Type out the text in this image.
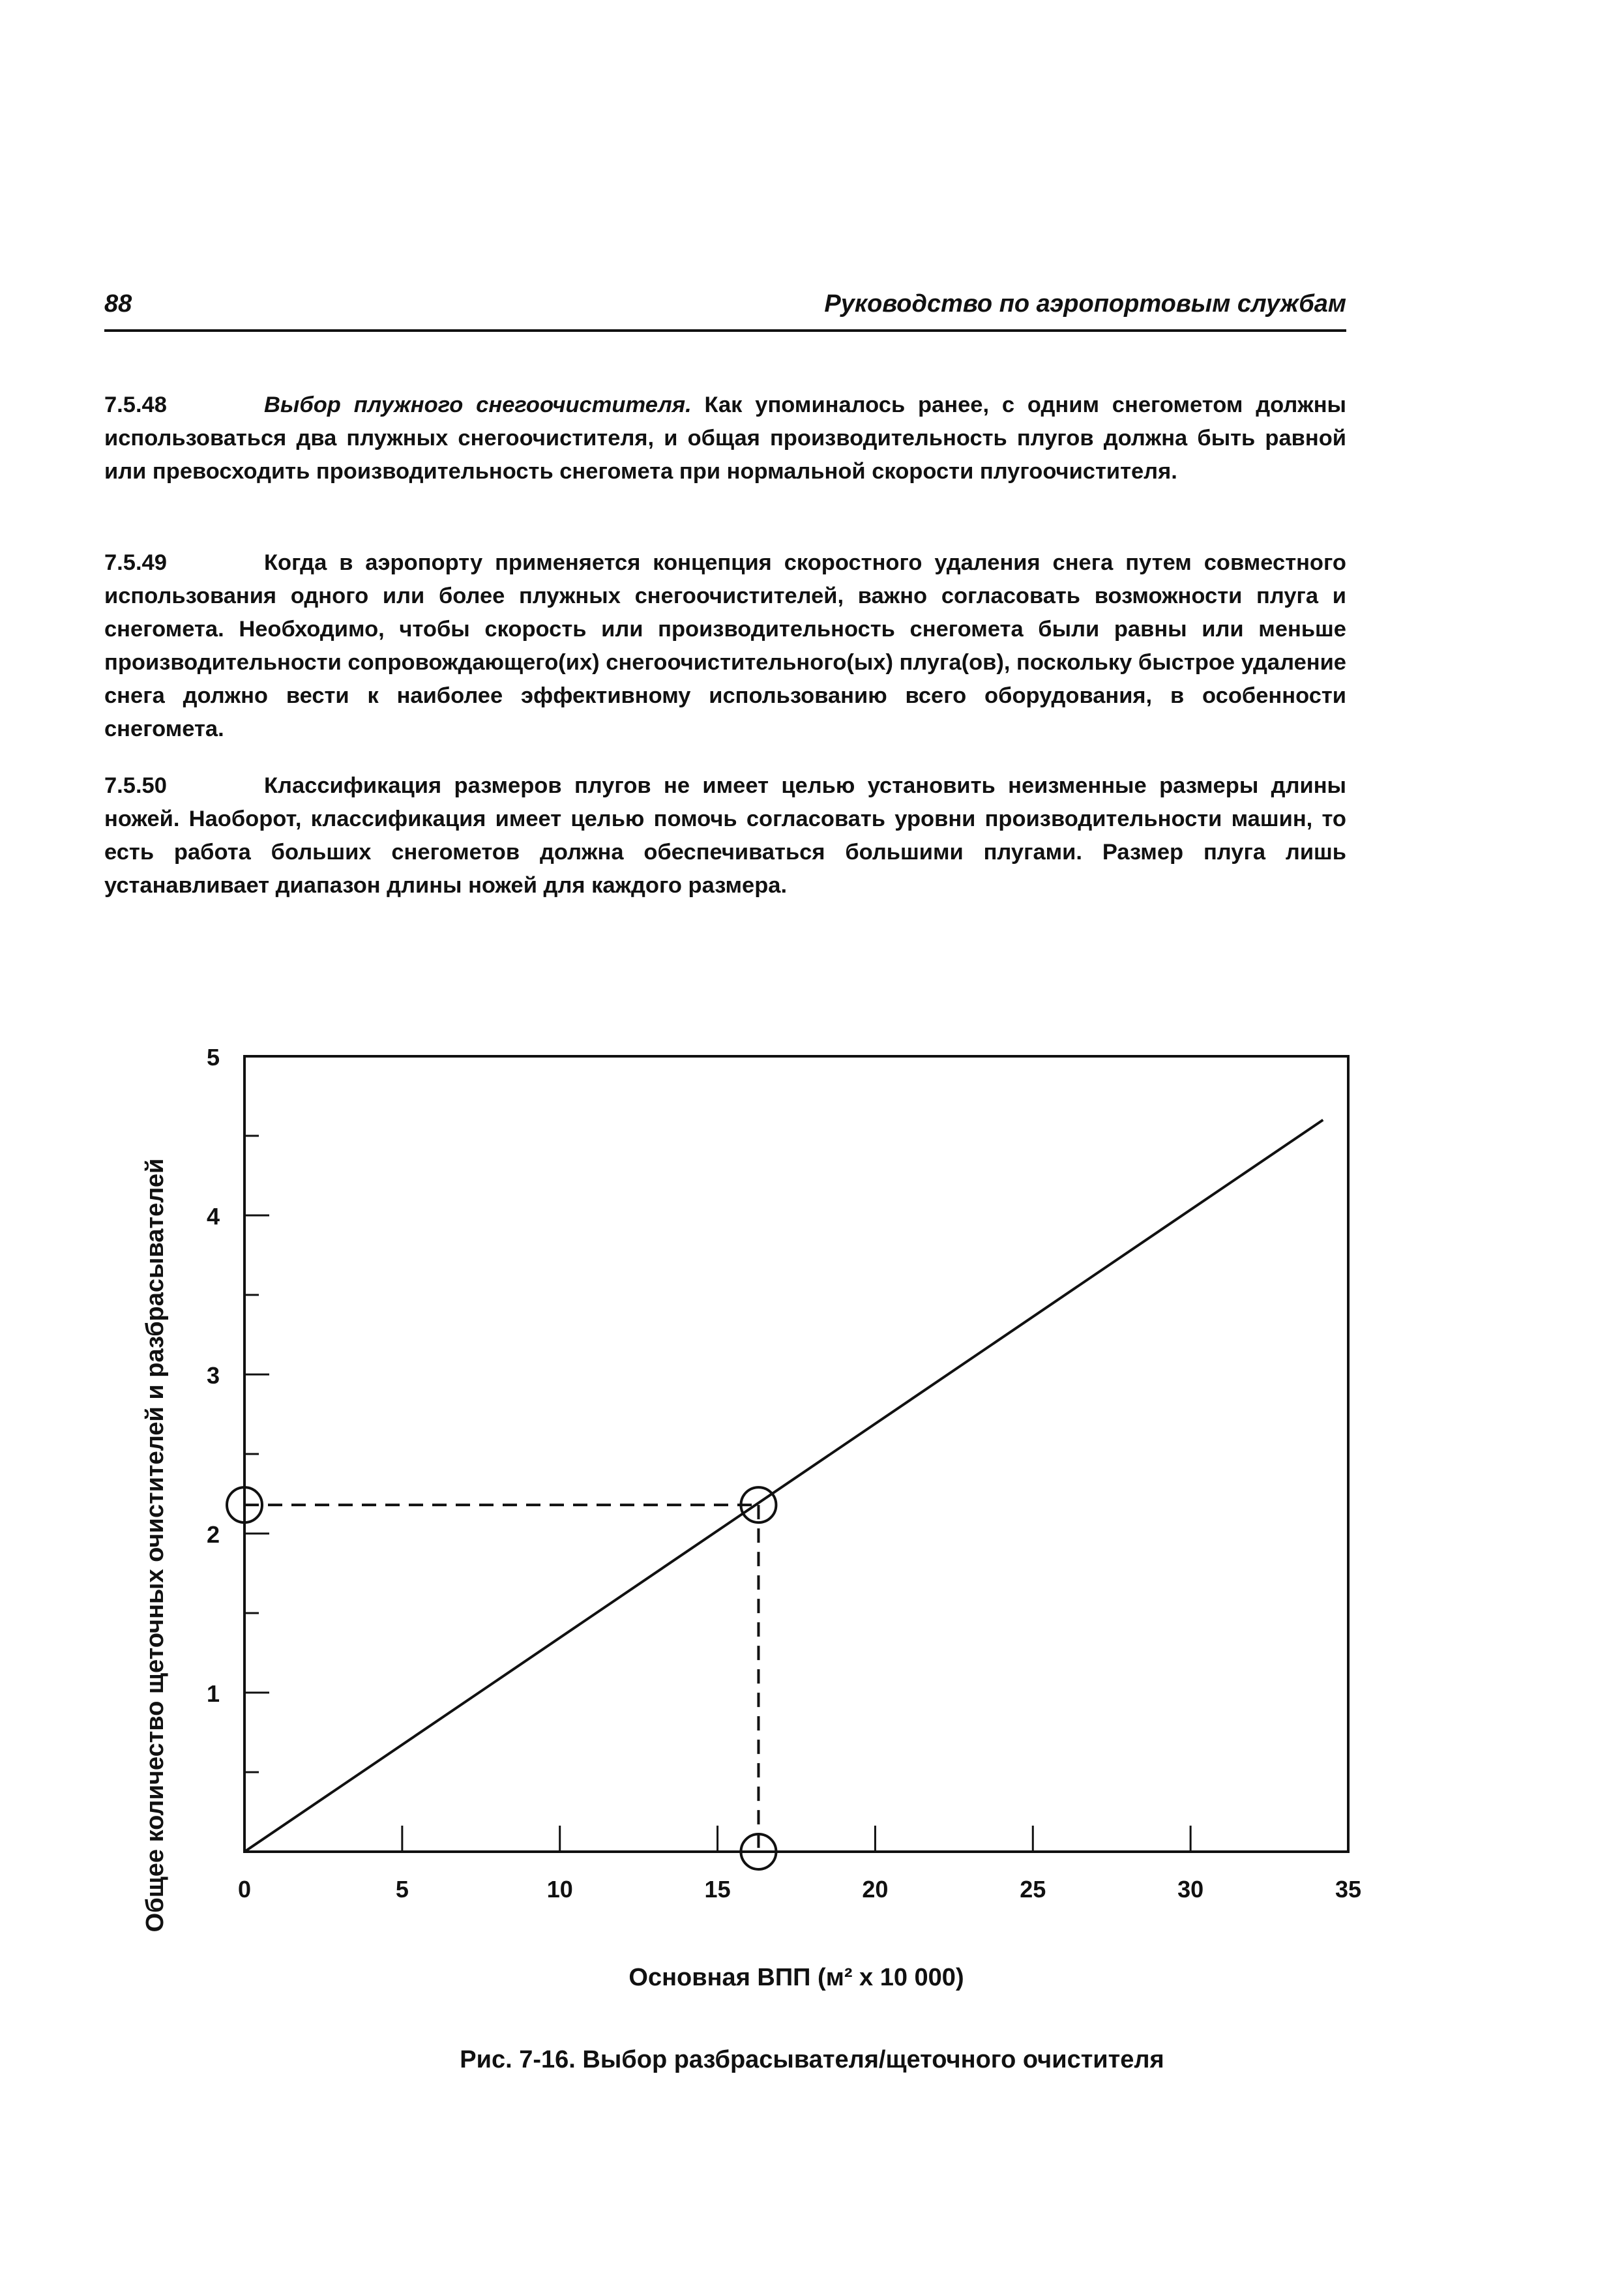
88	Руководство по аэропортовым службам
7.5.48	Выбор плужного снегоочистителя. Как упоминалось ранее, с одним снегометом должны использоваться два плужных снегоочистителя, и общая производительность плугов должна быть равной или превосходить производительность снегомета при нормальной скорости плугоочистителя.
7.5.49	Когда в аэропорту применяется концепция скоростного удаления снега путем совместного использования одного или более плужных снегоочистителей, важно согласовать возможности плуга и снегомета. Необходимо, чтобы скорость или производительность снегомета были равны или меньше производительности сопровождающего(их) снегоочистительного(ых) плуга(ов), поскольку быстрое удаление снега должно вести к наиболее эффективному использованию всего оборудования, в особенности снегомета.
7.5.50	Классификация размеров плугов не имеет целью установить неизменные размеры длины ножей. Наоборот, классификация имеет целью помочь согласовать уровни производительности машин, то есть работа больших снегометов должна обеспечиваться большими плугами. Размер плуга лишь устанавливает диапазон длины ножей для каждого размера.
1
2
3
4
5
0	5	10	15	20	25	30	35
Основная ВПП (м² x 10 000)
Общее количество щеточных очистителей и разбрасывателей
Рис. 7-16. Выбор разбрасывателя/щеточного очистителя
